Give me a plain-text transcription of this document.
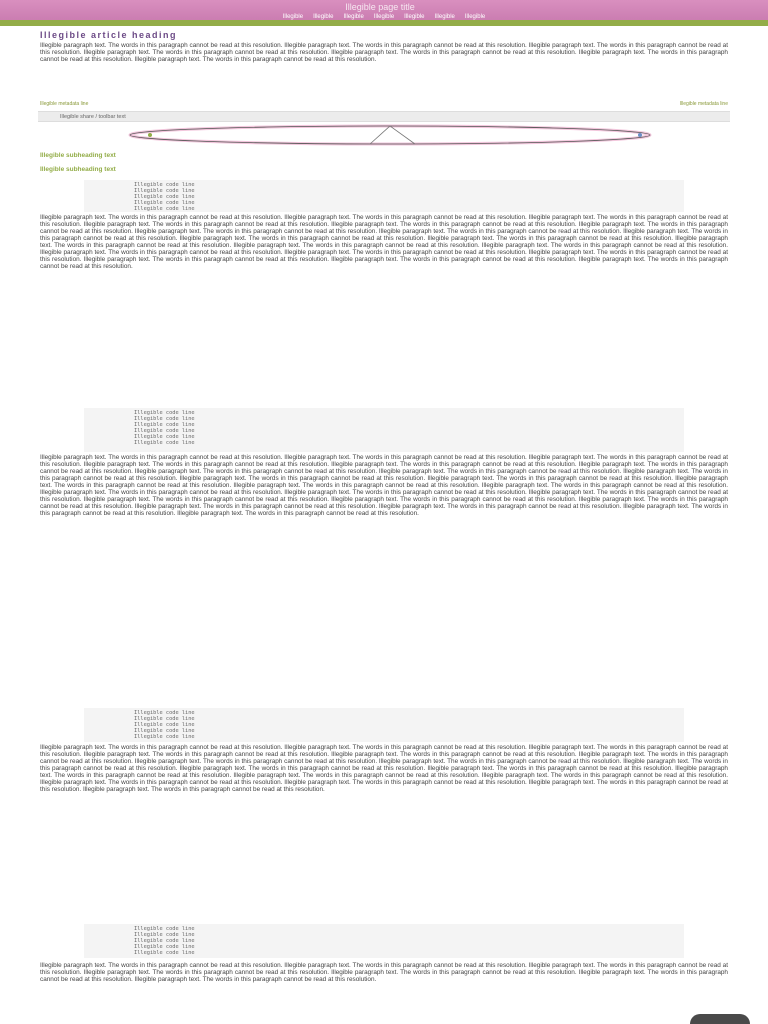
Illegible page title
Illegible Illegible Illegible Illegible Illegible Illegible Illegible
Illegible article heading
Illegible paragraph text. The words in this paragraph cannot be read at this resolution. Illegible paragraph text. The words in this paragraph cannot be read at this resolution. Illegible paragraph text. The words in this paragraph cannot be read at this resolution. Illegible paragraph text. The words in this paragraph cannot be read at this resolution. Illegible paragraph text. The words in this paragraph cannot be read at this resolution. Illegible paragraph text. The words in this paragraph cannot be read at this resolution. Illegible paragraph text. The words in this paragraph cannot be read at this resolution.
Illegible metadata line	Illegible metadata line
Illegible share / toolbar text
Illegible subheading text
Illegible subheading text
Illegible code line
Illegible code line
Illegible code line
Illegible code line
Illegible code line
Illegible paragraph text. The words in this paragraph cannot be read at this resolution. Illegible paragraph text. The words in this paragraph cannot be read at this resolution. Illegible paragraph text. The words in this paragraph cannot be read at this resolution. Illegible paragraph text. The words in this paragraph cannot be read at this resolution. Illegible paragraph text. The words in this paragraph cannot be read at this resolution. Illegible paragraph text. The words in this paragraph cannot be read at this resolution. Illegible paragraph text. The words in this paragraph cannot be read at this resolution. Illegible paragraph text. The words in this paragraph cannot be read at this resolution. Illegible paragraph text. The words in this paragraph cannot be read at this resolution. Illegible paragraph text. The words in this paragraph cannot be read at this resolution. Illegible paragraph text. The words in this paragraph cannot be read at this resolution. Illegible paragraph text. The words in this paragraph cannot be read at this resolution. Illegible paragraph text. The words in this paragraph cannot be read at this resolution. Illegible paragraph text. The words in this paragraph cannot be read at this resolution. Illegible paragraph text. The words in this paragraph cannot be read at this resolution. Illegible paragraph text. The words in this paragraph cannot be read at this resolution. Illegible paragraph text. The words in this paragraph cannot be read at this resolution. Illegible paragraph text. The words in this paragraph cannot be read at this resolution. Illegible paragraph text. The words in this paragraph cannot be read at this resolution. Illegible paragraph text. The words in this paragraph cannot be read at this resolution.
Illegible code line
Illegible code line
Illegible code line
Illegible code line
Illegible code line
Illegible code line
Illegible paragraph text. The words in this paragraph cannot be read at this resolution. Illegible paragraph text. The words in this paragraph cannot be read at this resolution. Illegible paragraph text. The words in this paragraph cannot be read at this resolution. Illegible paragraph text. The words in this paragraph cannot be read at this resolution. Illegible paragraph text. The words in this paragraph cannot be read at this resolution. Illegible paragraph text. The words in this paragraph cannot be read at this resolution. Illegible paragraph text. The words in this paragraph cannot be read at this resolution. Illegible paragraph text. The words in this paragraph cannot be read at this resolution. Illegible paragraph text. The words in this paragraph cannot be read at this resolution. Illegible paragraph text. The words in this paragraph cannot be read at this resolution. Illegible paragraph text. The words in this paragraph cannot be read at this resolution. Illegible paragraph text. The words in this paragraph cannot be read at this resolution. Illegible paragraph text. The words in this paragraph cannot be read at this resolution. Illegible paragraph text. The words in this paragraph cannot be read at this resolution. Illegible paragraph text. The words in this paragraph cannot be read at this resolution. Illegible paragraph text. The words in this paragraph cannot be read at this resolution. Illegible paragraph text. The words in this paragraph cannot be read at this resolution. Illegible paragraph text. The words in this paragraph cannot be read at this resolution. Illegible paragraph text. The words in this paragraph cannot be read at this resolution. Illegible paragraph text. The words in this paragraph cannot be read at this resolution. Illegible paragraph text. The words in this paragraph cannot be read at this resolution. Illegible paragraph text. The words in this paragraph cannot be read at this resolution. Illegible paragraph text. The words in this paragraph cannot be read at this resolution. Illegible paragraph text. The words in this paragraph cannot be read at this resolution.
Illegible code line
Illegible code line
Illegible code line
Illegible code line
Illegible code line
Illegible paragraph text. The words in this paragraph cannot be read at this resolution. Illegible paragraph text. The words in this paragraph cannot be read at this resolution. Illegible paragraph text. The words in this paragraph cannot be read at this resolution. Illegible paragraph text. The words in this paragraph cannot be read at this resolution. Illegible paragraph text. The words in this paragraph cannot be read at this resolution. Illegible paragraph text. The words in this paragraph cannot be read at this resolution. Illegible paragraph text. The words in this paragraph cannot be read at this resolution. Illegible paragraph text. The words in this paragraph cannot be read at this resolution. Illegible paragraph text. The words in this paragraph cannot be read at this resolution. Illegible paragraph text. The words in this paragraph cannot be read at this resolution. Illegible paragraph text. The words in this paragraph cannot be read at this resolution. Illegible paragraph text. The words in this paragraph cannot be read at this resolution. Illegible paragraph text. The words in this paragraph cannot be read at this resolution. Illegible paragraph text. The words in this paragraph cannot be read at this resolution. Illegible paragraph text. The words in this paragraph cannot be read at this resolution. Illegible paragraph text. The words in this paragraph cannot be read at this resolution. Illegible paragraph text. The words in this paragraph cannot be read at this resolution. Illegible paragraph text. The words in this paragraph cannot be read at this resolution.
Illegible code line
Illegible code line
Illegible code line
Illegible code line
Illegible code line
Illegible paragraph text. The words in this paragraph cannot be read at this resolution. Illegible paragraph text. The words in this paragraph cannot be read at this resolution. Illegible paragraph text. The words in this paragraph cannot be read at this resolution. Illegible paragraph text. The words in this paragraph cannot be read at this resolution. Illegible paragraph text. The words in this paragraph cannot be read at this resolution. Illegible paragraph text. The words in this paragraph cannot be read at this resolution. Illegible paragraph text. The words in this paragraph cannot be read at this resolution.
